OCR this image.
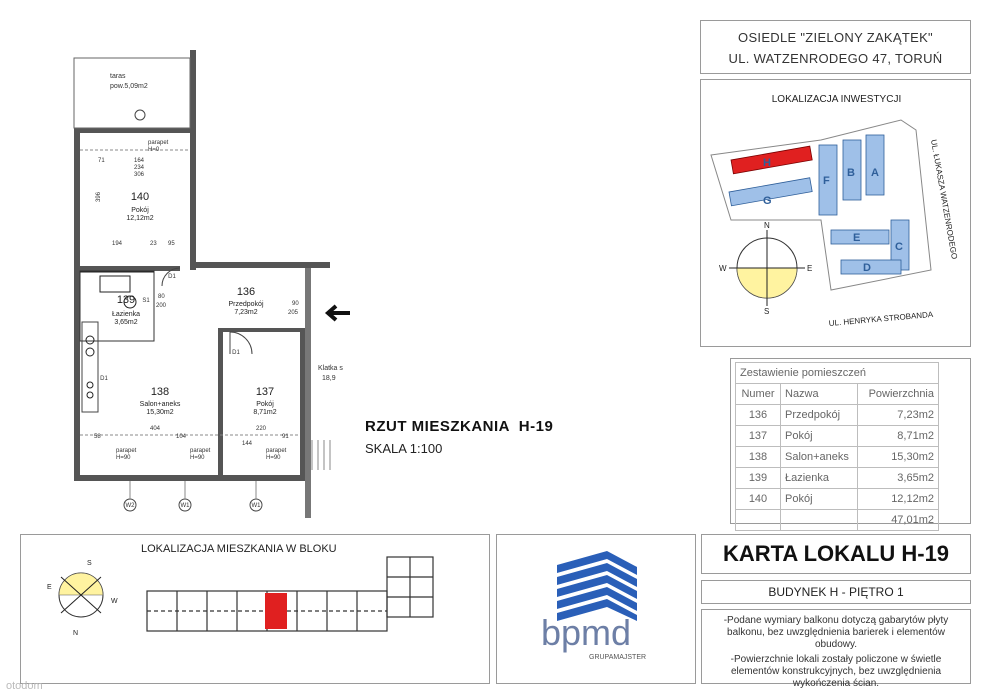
71	164
234
306
194	23 95
80
200	90
205
404	220
58	104
144
91
396
taras
pow.5,09m2
parapet
H=0
parapet
H=90
parapet
H=90
parapet
H=90
140
Pokój
12,12m2
136
Przedpokój
7,23m2
139
Łazienka
3,65m2
138
Salon+aneks
15,30m2
137
Pokój
8,71m2
Klatka s
18,9
D1
S1
D1
D1
W2	W1	W1
RZUT MIESZKANIA  H-19
SKALA 1:100
OSIEDLE "ZIELONY ZAKĄTEK"
UL. WATZENRODEGO 47, TORUŃ
LOKALIZACJA INWESTYCJI
H
G
F
B A
E
C
D
UL. ŁUKASZA WATZENRODEGO
UL. HENRYKA STROBANDA
N
S
E
W
Zestawienie pomieszczeń		
Numer	Nazwa	Powierzchnia
136	Przedpokój	7,23m2
137	Pokój	8,71m2
138	Salon+aneks	15,30m2
139	Łazienka	3,65m2
140	Pokój	12,12m2
		47,01m2
LOKALIZACJA MIESZKANIA W BLOKU
S
N
E
W
bpmd
GRUPAMAJSTER
KARTA LOKALU H-19
BUDYNEK H - PIĘTRO 1
-Podane wymiary balkonu dotyczą gabarytów płyty balkonu, bez uwzględnienia barierek i elementów obudowy.
-Powierzchnie lokali zostały policzone w świetle elementów konstrukcyjnych, bez uwzględnienia wykończenia ścian.
otodom
